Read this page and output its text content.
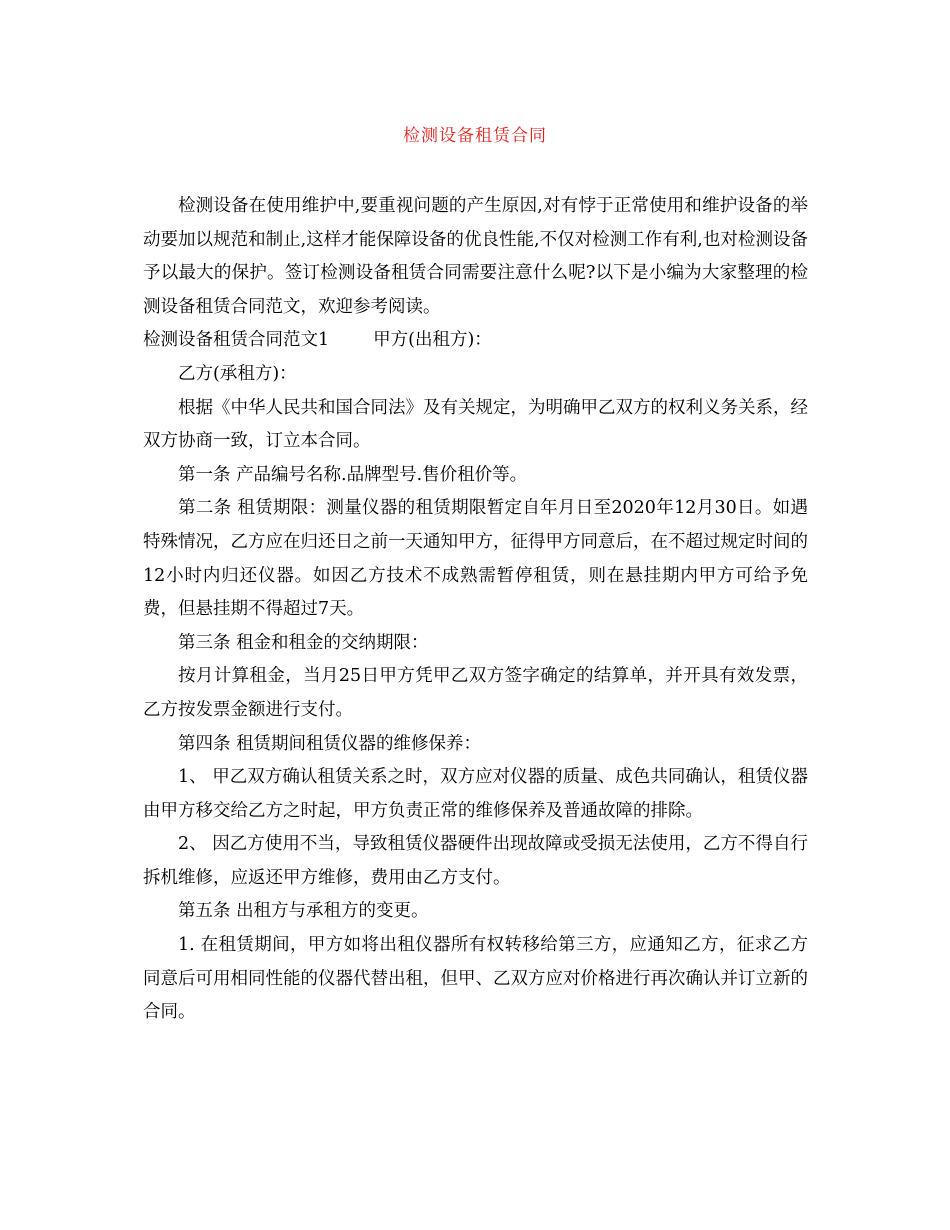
检测设备租赁合同

检测设备在使用维护中,要重视问题的产生原因,对有悖于正常使用和维护设备的举动要加以规范和制止,这样才能保障设备的优良性能,不仅对检测工作有利,也对检测设备予以最大的保护。签订检测设备租赁合同需要注意什么呢?以下是小编为大家整理的检测设备租赁合同范文，欢迎参考阅读。

检测设备租赁合同范文1	甲方(出租方)：

乙方(承租方)：

根据《中华人民共和国合同法》及有关规定，为明确甲乙双方的权利义务关系，经双方协商一致，订立本合同。

第一条 产品编号名称.品牌型号.售价租价等。

第二条 租赁期限：测量仪器的租赁期限暂定自年月日至2020年12月30日。如遇特殊情况，乙方应在归还日之前一天通知甲方，征得甲方同意后，在不超过规定时间的12小时内归还仪器。如因乙方技术不成熟需暂停租赁，则在悬挂期内甲方可给予免费，但悬挂期不得超过7天。

第三条 租金和租金的交纳期限：

按月计算租金，当月25日甲方凭甲乙双方签字确定的结算单，并开具有效发票，乙方按发票金额进行支付。

第四条 租赁期间租赁仪器的维修保养：

1、 甲乙双方确认租赁关系之时，双方应对仪器的质量、成色共同确认，租赁仪器由甲方移交给乙方之时起，甲方负责正常的维修保养及普通故障的排除。

2、 因乙方使用不当，导致租赁仪器硬件出现故障或受损无法使用，乙方不得自行拆机维修，应返还甲方维修，费用由乙方支付。

第五条 出租方与承租方的变更。

1. 在租赁期间，甲方如将出租仪器所有权转移给第三方，应通知乙方，征求乙方同意后可用相同性能的仪器代替出租，但甲、乙双方应对价格进行再次确认并订立新的合同。
